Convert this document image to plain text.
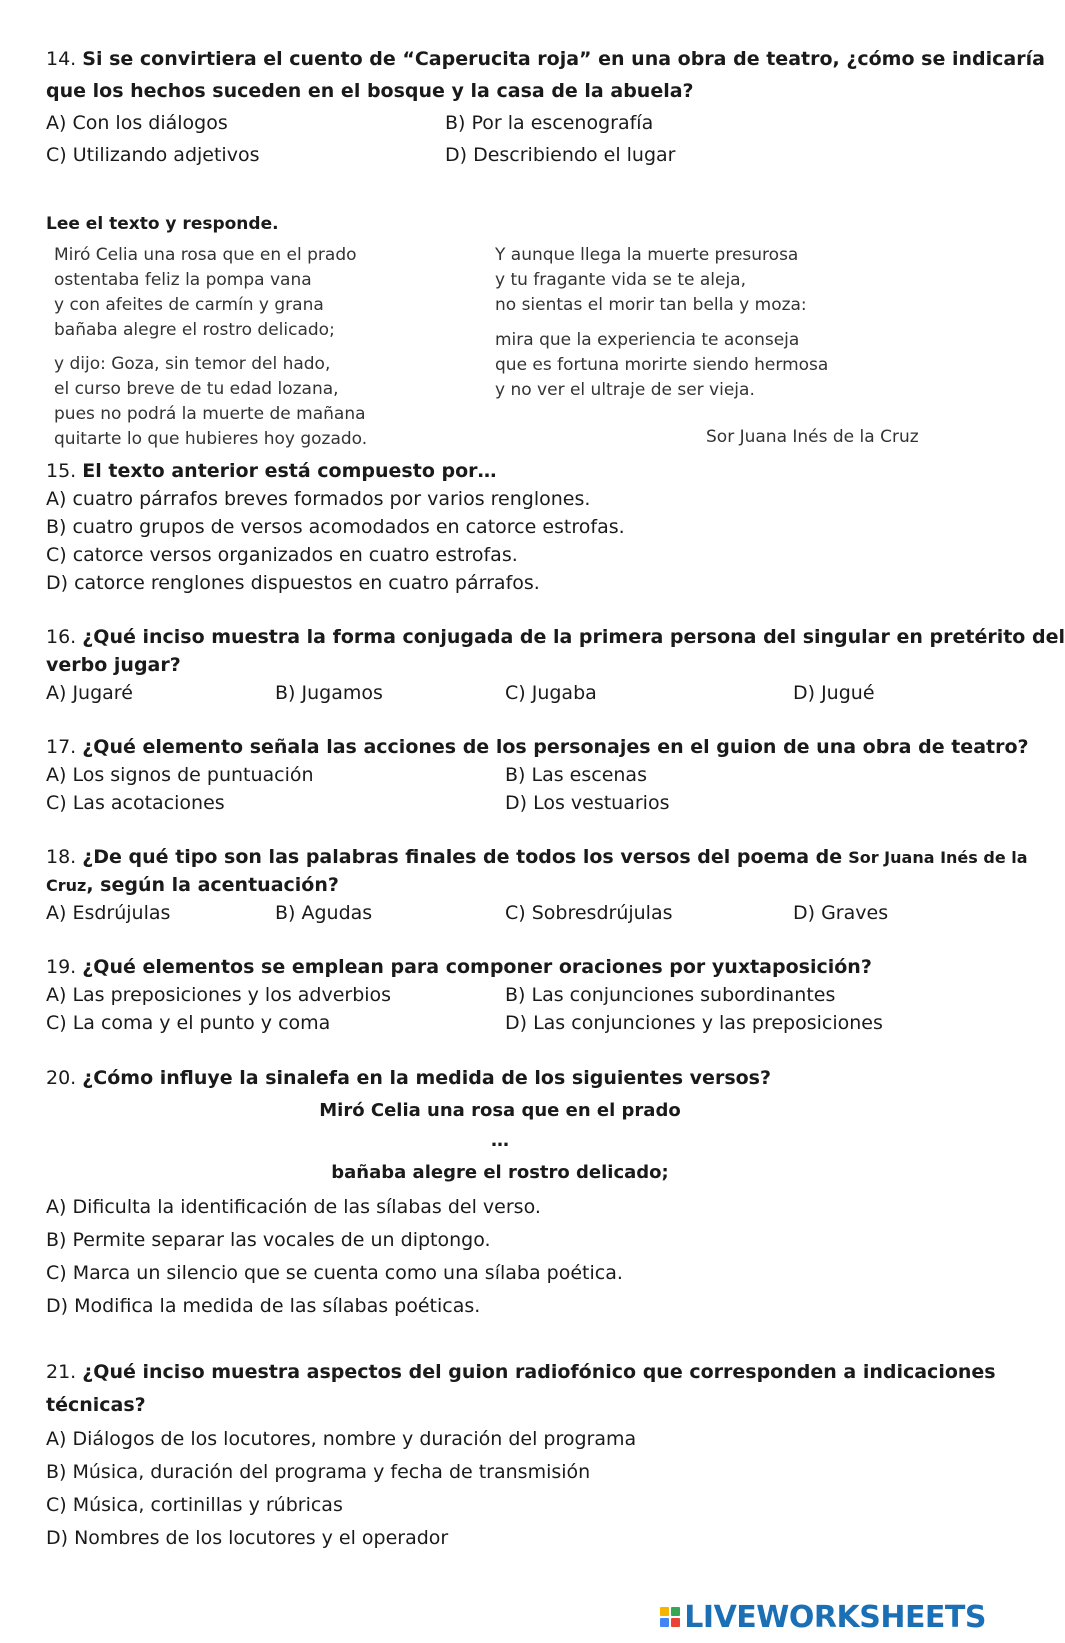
14. Si se convirtiera el cuento de “Caperucita roja” en una obra de teatro, ¿cómo se indicaría
que los hechos suceden en el bosque y la casa de la abuela?
A) Con los diálogos	B) Por la escenografía
C) Utilizando adjetivos	D) Describiendo el lugar
Lee el texto y responde.
Miró Celia una rosa que en el prado
ostentaba feliz la pompa vana
y con afeites de carmín y grana
bañaba alegre el rostro delicado;
y dijo: Goza, sin temor del hado,
el curso breve de tu edad lozana,
pues no podrá la muerte de mañana
quitarte lo que hubieres hoy gozado.
Y aunque llega la muerte presurosa
y tu fragante vida se te aleja,
no sientas el morir tan bella y moza:
mira que la experiencia te aconseja
que es fortuna morirte siendo hermosa
y no ver el ultraje de ser vieja.
Sor Juana Inés de la Cruz
15. El texto anterior está compuesto por…
A) cuatro párrafos breves formados por varios renglones.
B) cuatro grupos de versos acomodados en catorce estrofas.
C) catorce versos organizados en cuatro estrofas.
D) catorce renglones dispuestos en cuatro párrafos.
16. ¿Qué inciso muestra la forma conjugada de la primera persona del singular en pretérito del
verbo jugar?
A) Jugaré	B) Jugamos	C) Jugaba	D) Jugué
17. ¿Qué elemento señala las acciones de los personajes en el guion de una obra de teatro?
A) Los signos de puntuación	B) Las escenas
C) Las acotaciones	D) Los vestuarios
18. ¿De qué tipo son las palabras finales de todos los versos del poema de Sor Juana Inés de la
Cruz, según la acentuación?
A) Esdrújulas	B) Agudas	C) Sobresdrújulas	D) Graves
19. ¿Qué elementos se emplean para componer oraciones por yuxtaposición?
A) Las preposiciones y los adverbios	B) Las conjunciones subordinantes
C) La coma y el punto y coma	D) Las conjunciones y las preposiciones
20. ¿Cómo influye la sinalefa en la medida de los siguientes versos?
Miró Celia una rosa que en el prado
…
bañaba alegre el rostro delicado;
A) Dificulta la identificación de las sílabas del verso.
B) Permite separar las vocales de un diptongo.
C) Marca un silencio que se cuenta como una sílaba poética.
D) Modifica la medida de las sílabas poéticas.
21. ¿Qué inciso muestra aspectos del guion radiofónico que corresponden a indicaciones
técnicas?
A) Diálogos de los locutores, nombre y duración del programa
B) Música, duración del programa y fecha de transmisión
C) Música, cortinillas y rúbricas
D) Nombres de los locutores y el operador
LIVEWORKSHEETS
